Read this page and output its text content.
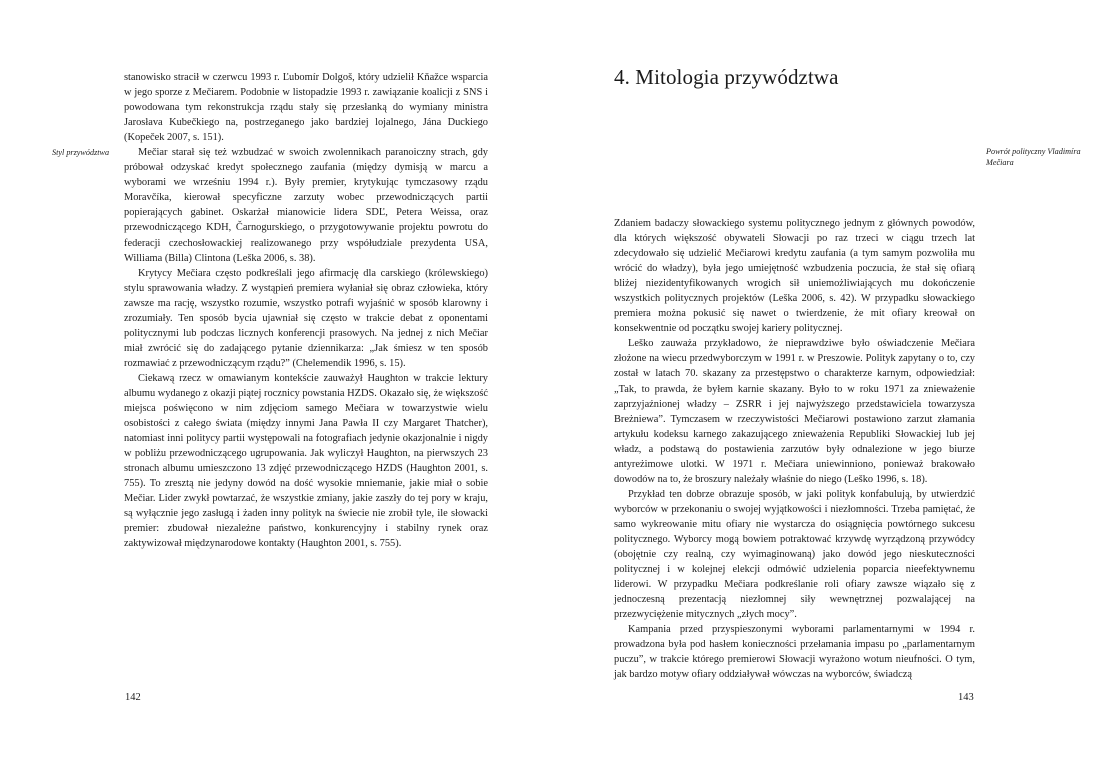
Styl przywództwa

stanowisko stracił w czerwcu 1993 r. Ľubomír Dolgoš, który udzielił Kňažce wsparcia w jego sporze z Mečiarem. Podobnie w listopadzie 1993 r. zawiązanie koalicji z SNS i powodowana tym rekonstrukcja rządu stały się przesłanką do wymiany ministra Jarosłava Kubečkiego na, postrzeganego jako bardziej lojalnego, Jána Duckiego (Kopeček 2007, s. 151).

Mečiar starał się też wzbudzać w swoich zwolennikach paranoiczny strach, gdy próbował odzyskać kredyt społecznego zaufania (między dymisją w marcu a wyborami we wrześniu 1994 r.). Były premier, krytykując tymczasowy rządu Moravčíka, kierował specyficzne zarzuty wobec przewodniczących partii popierających gabinet. Oskarżał mianowicie lidera SDĽ, Petera Weissa, oraz przewodniczącego KDH, Čarnogurskiego, o przygotowywanie projektu powrotu do federacji czechosłowackiej realizowanego przy współudziale prezydenta USA, Williama (Billa) Clintona (Leška 2006, s. 38).

Krytycy Mečiara często podkreślali jego afirmację dla carskiego (królewskiego) stylu sprawowania władzy. Z wystąpień premiera wyłaniał się obraz człowieka, który zawsze ma rację, wszystko rozumie, wszystko potrafi wyjaśnić w sposób klarowny i zrozumiały. Ten sposób bycia ujawniał się często w trakcie debat z oponentami politycznymi lub podczas licznych konferencji prasowych. Na jednej z nich Mečiar miał zwrócić się do zadającego pytanie dziennikarza: „Jak śmiesz w ten sposób rozmawiać z przewodniczącym rządu?” (Chelemendik 1996, s. 15).

Ciekawą rzecz w omawianym kontekście zauważył Haughton w trakcie lektury albumu wydanego z okazji piątej rocznicy powstania HZDS. Okazało się, że większość miejsca poświęcono w nim zdjęciom samego Mečiara w towarzystwie wielu osobistości z całego świata (między innymi Jana Pawła II czy Margaret Thatcher), natomiast inni politycy partii występowali na fotografiach jedynie okazjonalnie i nigdy w pobliżu przewodniczącego ugrupowania. Jak wyliczył Haughton, na pierwszych 23 stronach albumu umieszczono 13 zdjęć przewodniczącego HZDS (Haughton 2001, s. 755). To zresztą nie jedyny dowód na dość wysokie mniemanie, jakie miał o sobie Mečiar. Lider zwykł powtarzać, że wszystkie zmiany, jakie zaszły do tej pory w kraju, są wyłącznie jego zasługą i żaden inny polityk na świecie nie zrobił tyle, ile słowacki premier: zbudował niezależne państwo, konkurencyjny i stabilny rynek oraz zaktywizował międzynarodowe kontakty (Haughton 2001, s. 755).

142
4. Mitologia przywództwa
Powrót polityczny Vladimíra Mečiara

Zdaniem badaczy słowackiego systemu politycznego jednym z głównych powodów, dla których większość obywateli Słowacji po raz trzeci w ciągu trzech lat zdecydowało się udzielić Mečiarowi kredytu zaufania (a tym samym pozwoliła mu wrócić do władzy), była jego umiejętność wzbudzenia poczucia, że stał się ofiarą bliżej niezidentyfikowanych wrogich sił uniemożliwiających mu dokończenie wszystkich politycznych projektów (Leška 2006, s. 42). W przypadku słowackiego premiera można pokusić się nawet o twierdzenie, że mit ofiary kreował on konsekwentnie od początku swojej kariery politycznej.

Leško zauważa przykładowo, że nieprawdziwe było oświadczenie Mečiara złożone na wiecu przedwyborczym w 1991 r. w Preszowie. Polityk zapytany o to, czy został w latach 70. skazany za przestępstwo o charakterze karnym, odpowiedział: „Tak, to prawda, że byłem karnie skazany. Było to w roku 1971 za znieważenie zaprzyjaźnionej władzy – ZSRR i jej najwyższego przedstawiciela towarzysza Breżniewa”. Tymczasem w rzeczywistości Mečiarowi postawiono zarzut złamania artykułu kodeksu karnego zakazującego znieważenia Republiki Słowackiej lub jej władz, a podstawą do postawienia zarzutów były odnalezione w jego biurze antyreżimowe ulotki. W 1971 r. Mečiara uniewinniono, ponieważ brakowało dowodów na to, że broszury należały właśnie do niego (Leško 1996, s. 18).

Przykład ten dobrze obrazuje sposób, w jaki polityk konfabulują, by utwierdzić wyborców w przekonaniu o swojej wyjątkowości i niezłomności. Trzeba pamiętać, że samo wykreowanie mitu ofiary nie wystarcza do osiągnięcia powtórnego sukcesu politycznego. Wyborcy mogą bowiem potraktować krzywdę wyrządzoną przywódcy (obojętnie czy realną, czy wyimaginowaną) jako dowód jego nieskuteczności politycznej i w kolejnej elekcji odmówić udzielenia poparcia nieefektywnemu liderowi. W przypadku Mečiara podkreślanie roli ofiary zawsze wiązało się z jednoczesną prezentacją niezłomnej siły wewnętrznej pozwalającej na przezwyciężenie mitycznych „złych mocy”.

Kampania przed przyspieszonymi wyborami parlamentarnymi w 1994 r. prowadzona była pod hasłem konieczności przełamania impasu po „parlamentarnym puczu”, w trakcie którego premierowi Słowacji wyrażono wotum nieufności. O tym, jak bardzo motyw ofiary oddziaływał wówczas na wyborców, świadczą

143
